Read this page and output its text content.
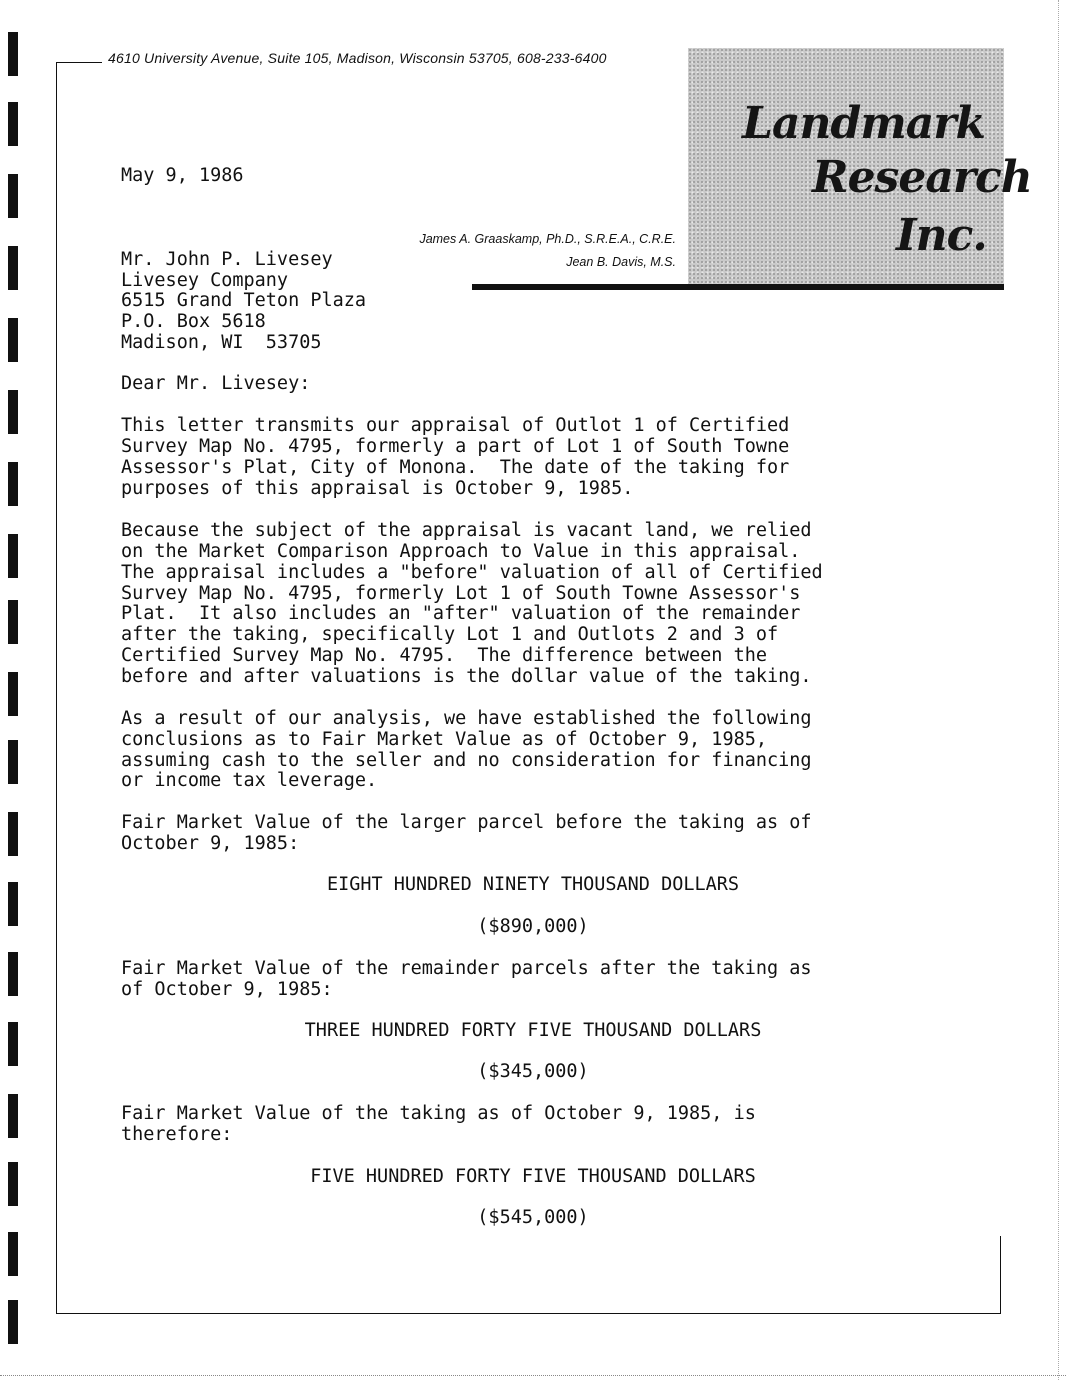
4610 University Avenue, Suite 105, Madison, Wisconsin 53705, 608-233-6400
Landmark
Research
Inc.
James A. Graaskamp, Ph.D., S.R.E.A., C.R.E.
Jean B. Davis, M.S.
May 9, 1986
Mr. John P. Livesey
Livesey Company
6515 Grand Teton Plaza
P.O. Box 5618
Madison, WI  53705
Dear Mr. Livesey:
This letter transmits our appraisal of Outlot 1 of Certified
Survey Map No. 4795, formerly a part of Lot 1 of South Towne
Assessor's Plat, City of Monona.  The date of the taking for
purposes of this appraisal is October 9, 1985.
Because the subject of the appraisal is vacant land, we relied
on the Market Comparison Approach to Value in this appraisal.
The appraisal includes a "before" valuation of all of Certified
Survey Map No. 4795, formerly Lot 1 of South Towne Assessor's
Plat.  It also includes an "after" valuation of the remainder
after the taking, specifically Lot 1 and Outlots 2 and 3 of
Certified Survey Map No. 4795.  The difference between the
before and after valuations is the dollar value of the taking.
As a result of our analysis, we have established the following
conclusions as to Fair Market Value as of October 9, 1985,
assuming cash to the seller and no consideration for financing
or income tax leverage.
Fair Market Value of the larger parcel before the taking as of
October 9, 1985:
EIGHT HUNDRED NINETY THOUSAND DOLLARS
($890,000)
Fair Market Value of the remainder parcels after the taking as
of October 9, 1985:
THREE HUNDRED FORTY FIVE THOUSAND DOLLARS
($345,000)
Fair Market Value of the taking as of October 9, 1985, is
therefore:
FIVE HUNDRED FORTY FIVE THOUSAND DOLLARS
($545,000)
